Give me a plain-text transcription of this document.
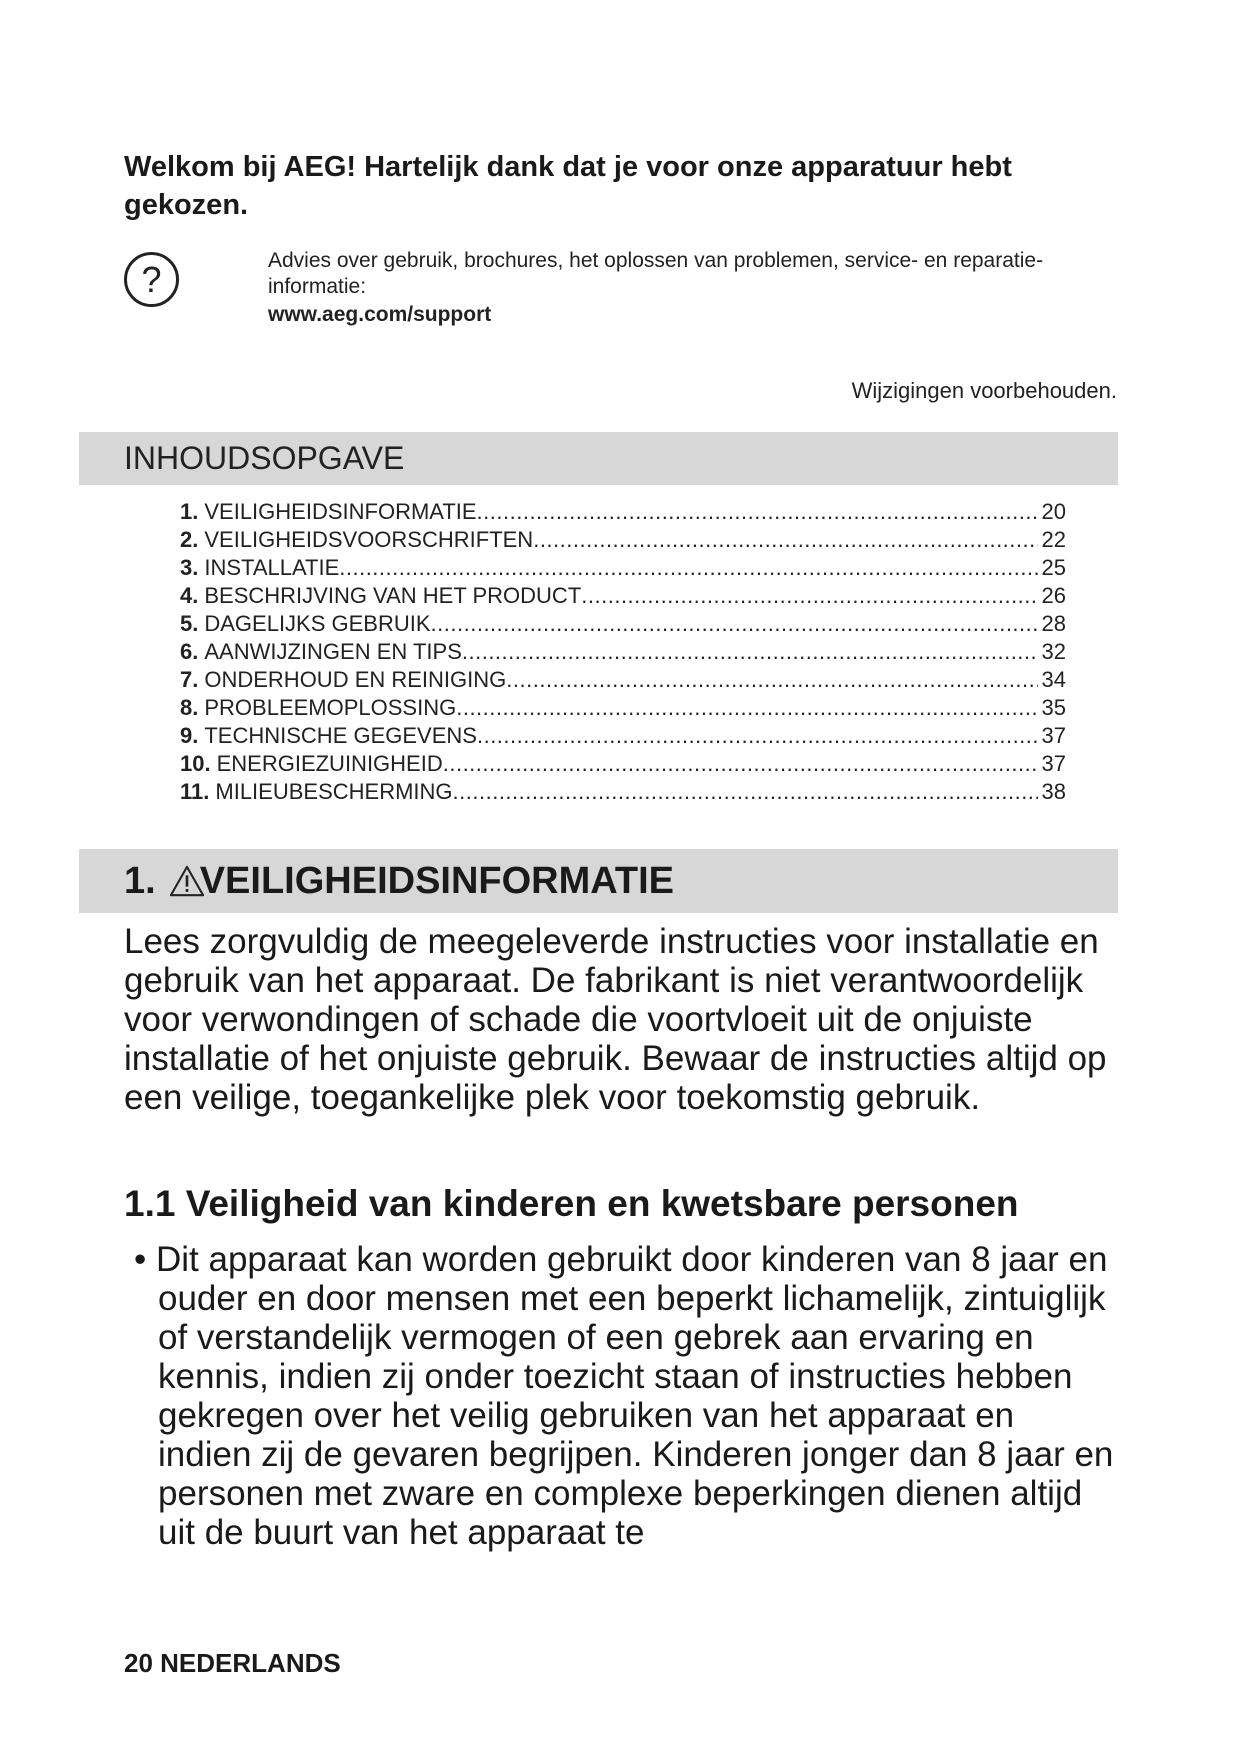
Welkom bij AEG! Hartelijk dank dat je voor onze apparatuur hebt gekozen.
?	Advies over gebruik, brochures, het oplossen van problemen, service- en reparatie-informatie:
www.aeg.com/support
Wijzigingen voorbehouden.
INHOUDSOPGAVE
1. VEILIGHEIDSINFORMATIE .....	20
2. VEILIGHEIDSVOORSCHRIFTEN .....	22
3. INSTALLATIE .....	25
4. BESCHRIJVING VAN HET PRODUCT .....	26
5. DAGELIJKS GEBRUIK .....	28
6. AANWIJZINGEN EN TIPS .....	32
7. ONDERHOUD EN REINIGING .....	34
8. PROBLEEMOPLOSSING .....	35
9. TECHNISCHE GEGEVENS .....	37
10. ENERGIEZUINIGHEID .....	37
11. MILIEUBESCHERMING .....	38
1. VEILIGHEIDSINFORMATIE

Lees zorgvuldig de meegeleverde instructies voor installatie en gebruik van het apparaat. De fabrikant is niet verantwoordelijk voor verwondingen of schade die voortvloeit uit de onjuiste installatie of het onjuiste gebruik. Bewaar de instructies altijd op een veilige, toegankelijke plek voor toekomstig gebruik.

1.1 Veiligheid van kinderen en kwetsbare personen

• Dit apparaat kan worden gebruikt door kinderen van 8 jaar en ouder en door mensen met een beperkt lichamelijk, zintuiglijk of verstandelijk vermogen of een gebrek aan ervaring en kennis, indien zij onder toezicht staan of instructies hebben gekregen over het veilig gebruiken van het apparaat en indien zij de gevaren begrijpen. Kinderen jonger dan 8 jaar en personen met zware en complexe beperkingen dienen altijd uit de buurt van het apparaat te

20 NEDERLANDS
